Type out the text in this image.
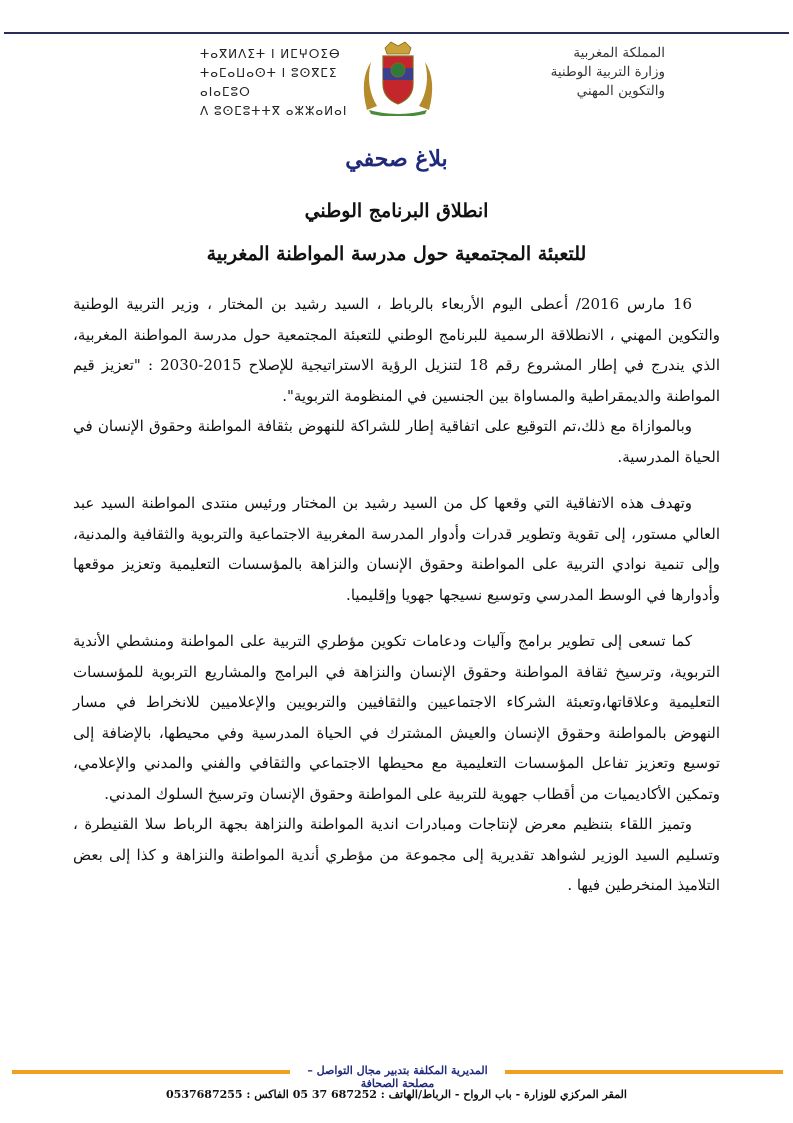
ⵜⴰⴳⵍⴷⵉⵜ ⵏ ⵍⵎⵖⵔⵉⴱ
ⵜⴰⵎⴰⵡⴰⵙⵜ ⵏ ⵓⵙⴳⵎⵉ ⴰⵏⴰⵎⵓⵔ
ⴷ ⵓⵙⵎⵓⵜⵜⴳ ⴰⵣⵣⴰⵍⴰⵏ
المملكة المغربية
وزارة التربية الوطنية
والتكوين المهني
بلاغ صحفي
انطلاق البرنامج الوطني
للتعبئة المجتمعية حول مدرسة المواطنة المغربية

16 مارس 2016/ أعطى اليوم الأربعاء بالرباط ، السيد رشيد بن المختار ، وزير التربية الوطنية والتكوين المهني ، الانطلاقة الرسمية للبرنامج الوطني للتعبئة المجتمعية حول مدرسة المواطنة المغربية، الذي يندرج في إطار المشروع رقم 18 لتنزيل الرؤية الاستراتيجية للإصلاح 2015-2030 : "تعزيز قيم المواطنة والديمقراطية والمساواة بين الجنسين في المنظومة التربوية".

وبالموازاة مع ذلك،تم التوقيع على اتفاقية إطار للشراكة للنهوض بثقافة المواطنة وحقوق الإنسان في الحياة المدرسية.

وتهدف هذه الاتفاقية التي وقعها كل من السيد رشيد بن المختار ورئيس منتدى المواطنة السيد عبد العالي مستور، إلى تقوية وتطوير قدرات وأدوار المدرسة المغربية الاجتماعية والتربوية والثقافية والمدنية، وإلى تنمية نوادي التربية على المواطنة وحقوق الإنسان والنزاهة بالمؤسسات التعليمية وتعزيز موقعها وأدوارها في الوسط المدرسي وتوسيع نسيجها جهويا وإقليميا.

كما تسعى إلى تطوير برامج وآليات ودعامات تكوين مؤطري التربية على المواطنة ومنشطي الأندية التربوية، وترسيخ ثقافة المواطنة وحقوق الإنسان والنزاهة في البرامج والمشاريع التربوية للمؤسسات التعليمية وعلاقاتها،وتعبئة الشركاء الاجتماعيين والثقافيين والتربويين والإعلاميين للانخراط في مسار النهوض بالمواطنة وحقوق الإنسان والعيش المشترك في الحياة المدرسية وفي محيطها، بالإضافة إلى توسيع وتعزيز تفاعل المؤسسات التعليمية مع محيطها الاجتماعي والثقافي والفني والمدني والإعلامي، وتمكين الأكاديميات من أقطاب جهوية للتربية على المواطنة وحقوق الإنسان وترسيخ السلوك المدني.

وتميز اللقاء بتنظيم معرض لإنتاجات ومبادرات اندية المواطنة والنزاهة بجهة الرباط سلا القنيطرة ، وتسليم السيد الوزير لشواهد تقديرية إلى مجموعة من مؤطري أندية المواطنة والنزاهة و كذا إلى بعض التلاميذ المنخرطين فيها .

المديرية المكلفة بتدبير مجال التواصل – مصلحة الصحافة
المقر المركزي للوزارة - باب الرواح - الرباط/الهاتف : 687252 37 05 الفاكس : 0537687255
